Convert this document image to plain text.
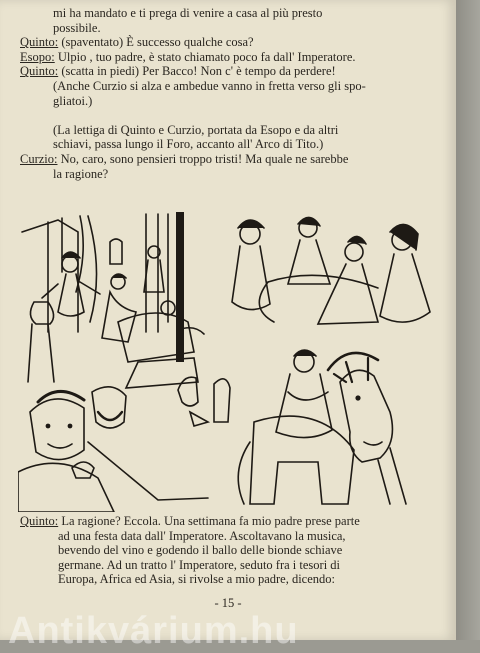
mi ha mandato e ti prega di venire a casa al più presto
possibile.
Quinto: (spaventato) È successo qualche cosa?
Esopo: Ulpio , tuo padre, è stato chiamato poco fa dall' Imperatore.
Quinto: (scatta in piedi) Per Bacco! Non c' è tempo da perdere!
(Anche Curzio si alza e ambedue vanno in fretta verso gli spo-
gliatoi.)
(La lettiga di Quinto e Curzio, portata da Esopo e da altri
schiavi, passa lungo il Foro, accanto all' Arco di Tito.)
Curzio: No, caro, sono pensieri troppo tristi! Ma quale ne sarebbe
la ragione?
Quinto: La ragione? Eccola. Una settimana fa mio padre prese parte
ad una festa data dall' Imperatore. Ascoltavano la musica,
bevendo del vino e godendo il ballo delle bionde schiave
germane. Ad un tratto l' Imperatore, seduto fra i tesori di
Europa, Africa ed Asia, si rivolse a mio padre, dicendo:
- 15 -
Antikvárium.hu
